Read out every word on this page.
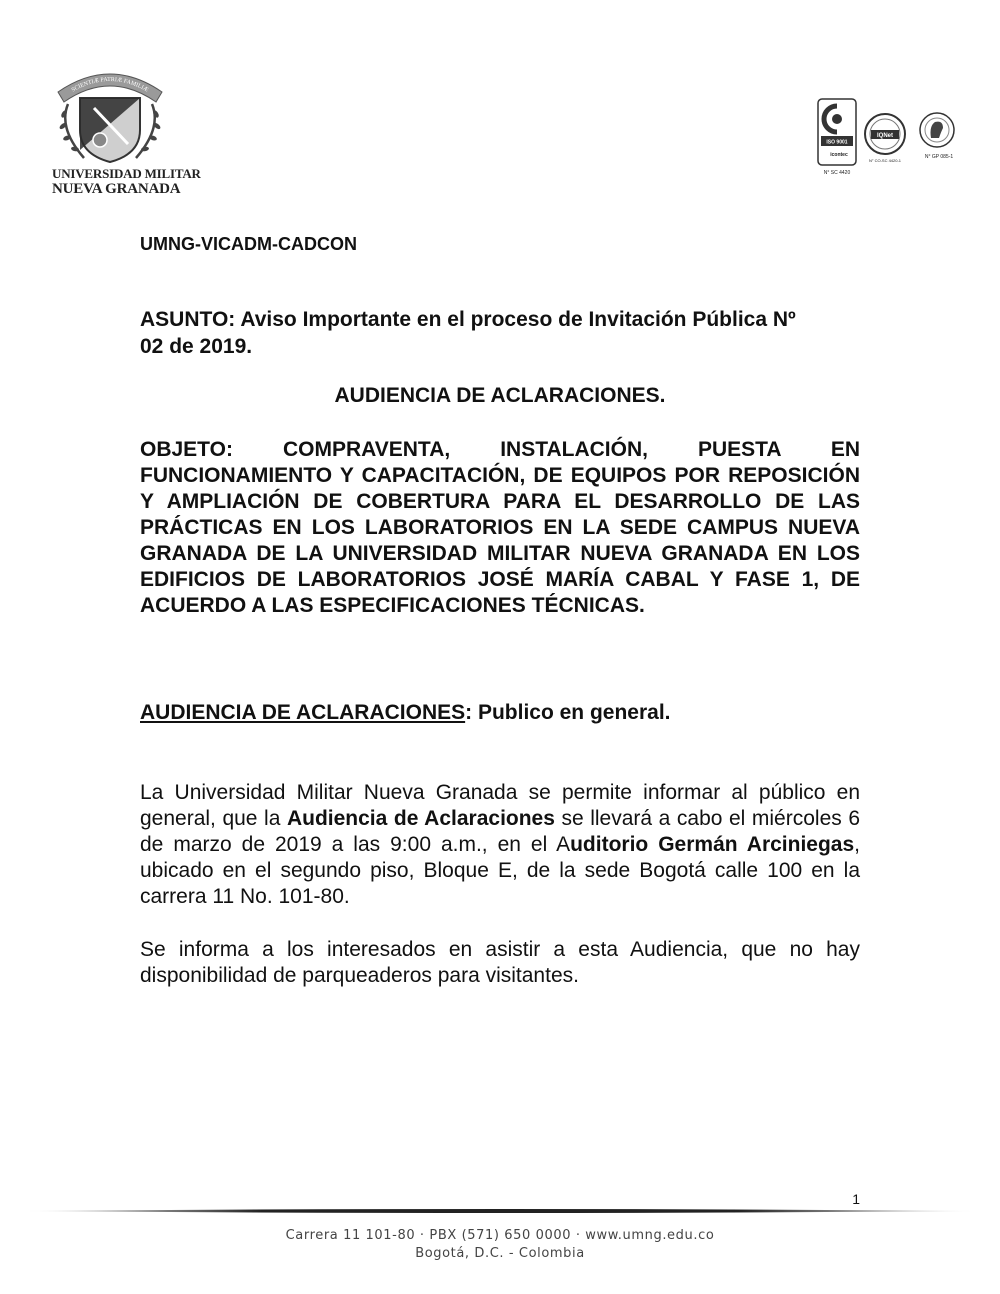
SCIENTIÆ PATRIÆ FAMILIÆ
UNIVERSIDAD MILITAR
NUEVA GRANADA
ISO 9001
icontec
N° SC 4420
IQNet
N° CO-SC 4420-1
N° GP 085-1
UMNG-VICADM-CADCON
ASUNTO: Aviso Importante en el proceso de Invitación Pública Nº
02 de 2019.
AUDIENCIA DE ACLARACIONES.
OBJETO: COMPRAVENTA, INSTALACIÓN, PUESTA EN FUNCIONAMIENTO Y CAPACITACIÓN, DE EQUIPOS POR REPOSICIÓN Y AMPLIACIÓN DE COBERTURA PARA EL DESARROLLO DE LAS PRÁCTICAS EN LOS LABORATORIOS EN LA SEDE CAMPUS NUEVA GRANADA DE LA UNIVERSIDAD MILITAR NUEVA GRANADA EN LOS EDIFICIOS DE LABORATORIOS JOSÉ MARÍA CABAL Y FASE 1, DE ACUERDO A LAS ESPECIFICACIONES TÉCNICAS.
AUDIENCIA DE ACLARACIONES: Publico en general.
La Universidad Militar Nueva Granada se permite informar al público en general, que la Audiencia de Aclaraciones se llevará a cabo el miércoles 6 de marzo de 2019 a las 9:00 a.m., en el Auditorio Germán Arciniegas, ubicado en el segundo piso, Bloque E, de la sede Bogotá calle 100 en la carrera 11 No. 101-80.
Se informa a los interesados en asistir a esta Audiencia, que no hay disponibilidad de parqueaderos para visitantes.
1
Carrera 11 101-80 · PBX (571) 650 0000 · www.umng.edu.co
Bogotá, D.C. - Colombia
